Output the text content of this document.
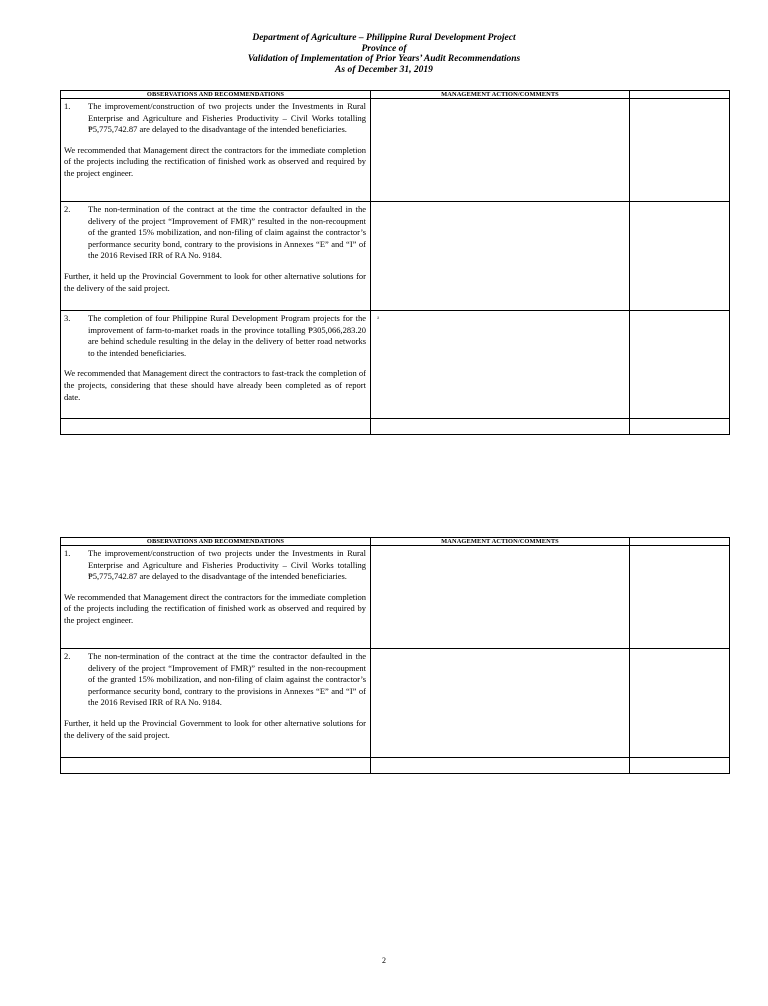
Department of Agriculture – Philippine Rural Development Project
Province of
Validation of Implementation of Prior Years’ Audit Recommendations
As of December 31, 2019
OBSERVATIONS AND RECOMMENDATIONS	MANAGEMENT ACTION/COMMENTS	

1. The improvement/construction of two projects under the Investments in Rural Enterprise and Agriculture and Fisheries Productivity – Civil Works totalling ₱5,775,742.87 are delayed to the disadvantage of the intended beneficiaries.
We recommended that Management direct the contractors for the immediate completion of the projects including the rectification of finished work as observed and required by the project engineer.		

2. The non-termination of the contract at the time the contractor defaulted in the delivery of the project “Improvement of FMR)” resulted in the non-recoupment of the granted 15% mobilization, and non-filing of claim against the contractor’s performance security bond, contrary to the provisions in Annexes “E” and “I” of the 2016 Revised IRR of RA No. 9184.
Further, it held up the Provincial Government to look for other alternative solutions for the delivery of the said project.		

3. The completion of four Philippine Rural Development Program projects for the improvement of farm-to-market roads in the province totalling ₱305,066,283.20 are behind schedule resulting in the delay in the delivery of better road networks to the intended beneficiaries.
We recommended that Management direct the contractors to fast-track the completion of the projects, considering that these should have already been completed as of report date.	a	

OBSERVATIONS AND RECOMMENDATIONS	MANAGEMENT ACTION/COMMENTS	

1. The improvement/construction of two projects under the Investments in Rural Enterprise and Agriculture and Fisheries Productivity – Civil Works totalling ₱5,775,742.87 are delayed to the disadvantage of the intended beneficiaries.
We recommended that Management direct the contractors for the immediate completion of the projects including the rectification of finished work as observed and required by the project engineer.		

2. The non-termination of the contract at the time the contractor defaulted in the delivery of the project “Improvement of FMR)” resulted in the non-recoupment of the granted 15% mobilization, and non-filing of claim against the contractor’s performance security bond, contrary to the provisions in Annexes “E” and “I” of the 2016 Revised IRR of RA No. 9184.
Further, it held up the Provincial Government to look for other alternative solutions for the delivery of the said project.		

2
